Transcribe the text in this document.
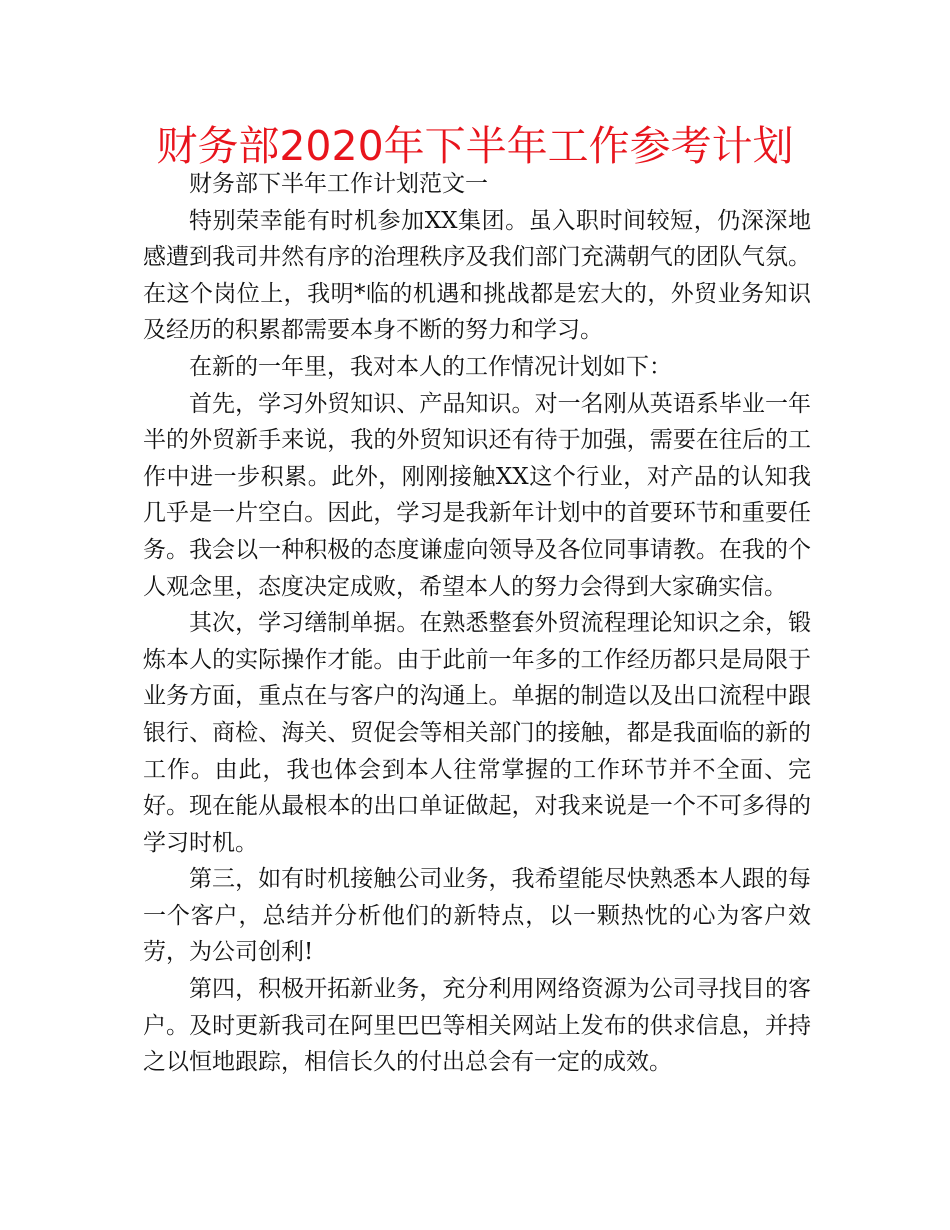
财务部2020年下半年工作参考计划

财务部下半年工作计划范文一

特别荣幸能有时机参加XX集团。虽入职时间较短，仍深深地感遭到我司井然有序的治理秩序及我们部门充满朝气的团队气氛。在这个岗位上，我明*临的机遇和挑战都是宏大的，外贸业务知识及经历的积累都需要本身不断的努力和学习。

在新的一年里，我对本人的工作情况计划如下：

首先，学习外贸知识、产品知识。对一名刚从英语系毕业一年半的外贸新手来说，我的外贸知识还有待于加强，需要在往后的工作中进一步积累。此外，刚刚接触XX这个行业，对产品的认知我几乎是一片空白。因此，学习是我新年计划中的首要环节和重要任务。我会以一种积极的态度谦虚向领导及各位同事请教。在我的个人观念里，态度决定成败，希望本人的努力会得到大家确实信。

其次，学习缮制单据。在熟悉整套外贸流程理论知识之余，锻炼本人的实际操作才能。由于此前一年多的工作经历都只是局限于业务方面，重点在与客户的沟通上。单据的制造以及出口流程中跟银行、商检、海关、贸促会等相关部门的接触，都是我面临的新的工作。由此，我也体会到本人往常掌握的工作环节并不全面、完好。现在能从最根本的出口单证做起，对我来说是一个不可多得的学习时机。

第三，如有时机接触公司业务，我希望能尽快熟悉本人跟的每一个客户，总结并分析他们的新特点，以一颗热忱的心为客户效劳，为公司创利!

第四，积极开拓新业务，充分利用网络资源为公司寻找目的客户。及时更新我司在阿里巴巴等相关网站上发布的供求信息，并持之以恒地跟踪，相信长久的付出总会有一定的成效。
